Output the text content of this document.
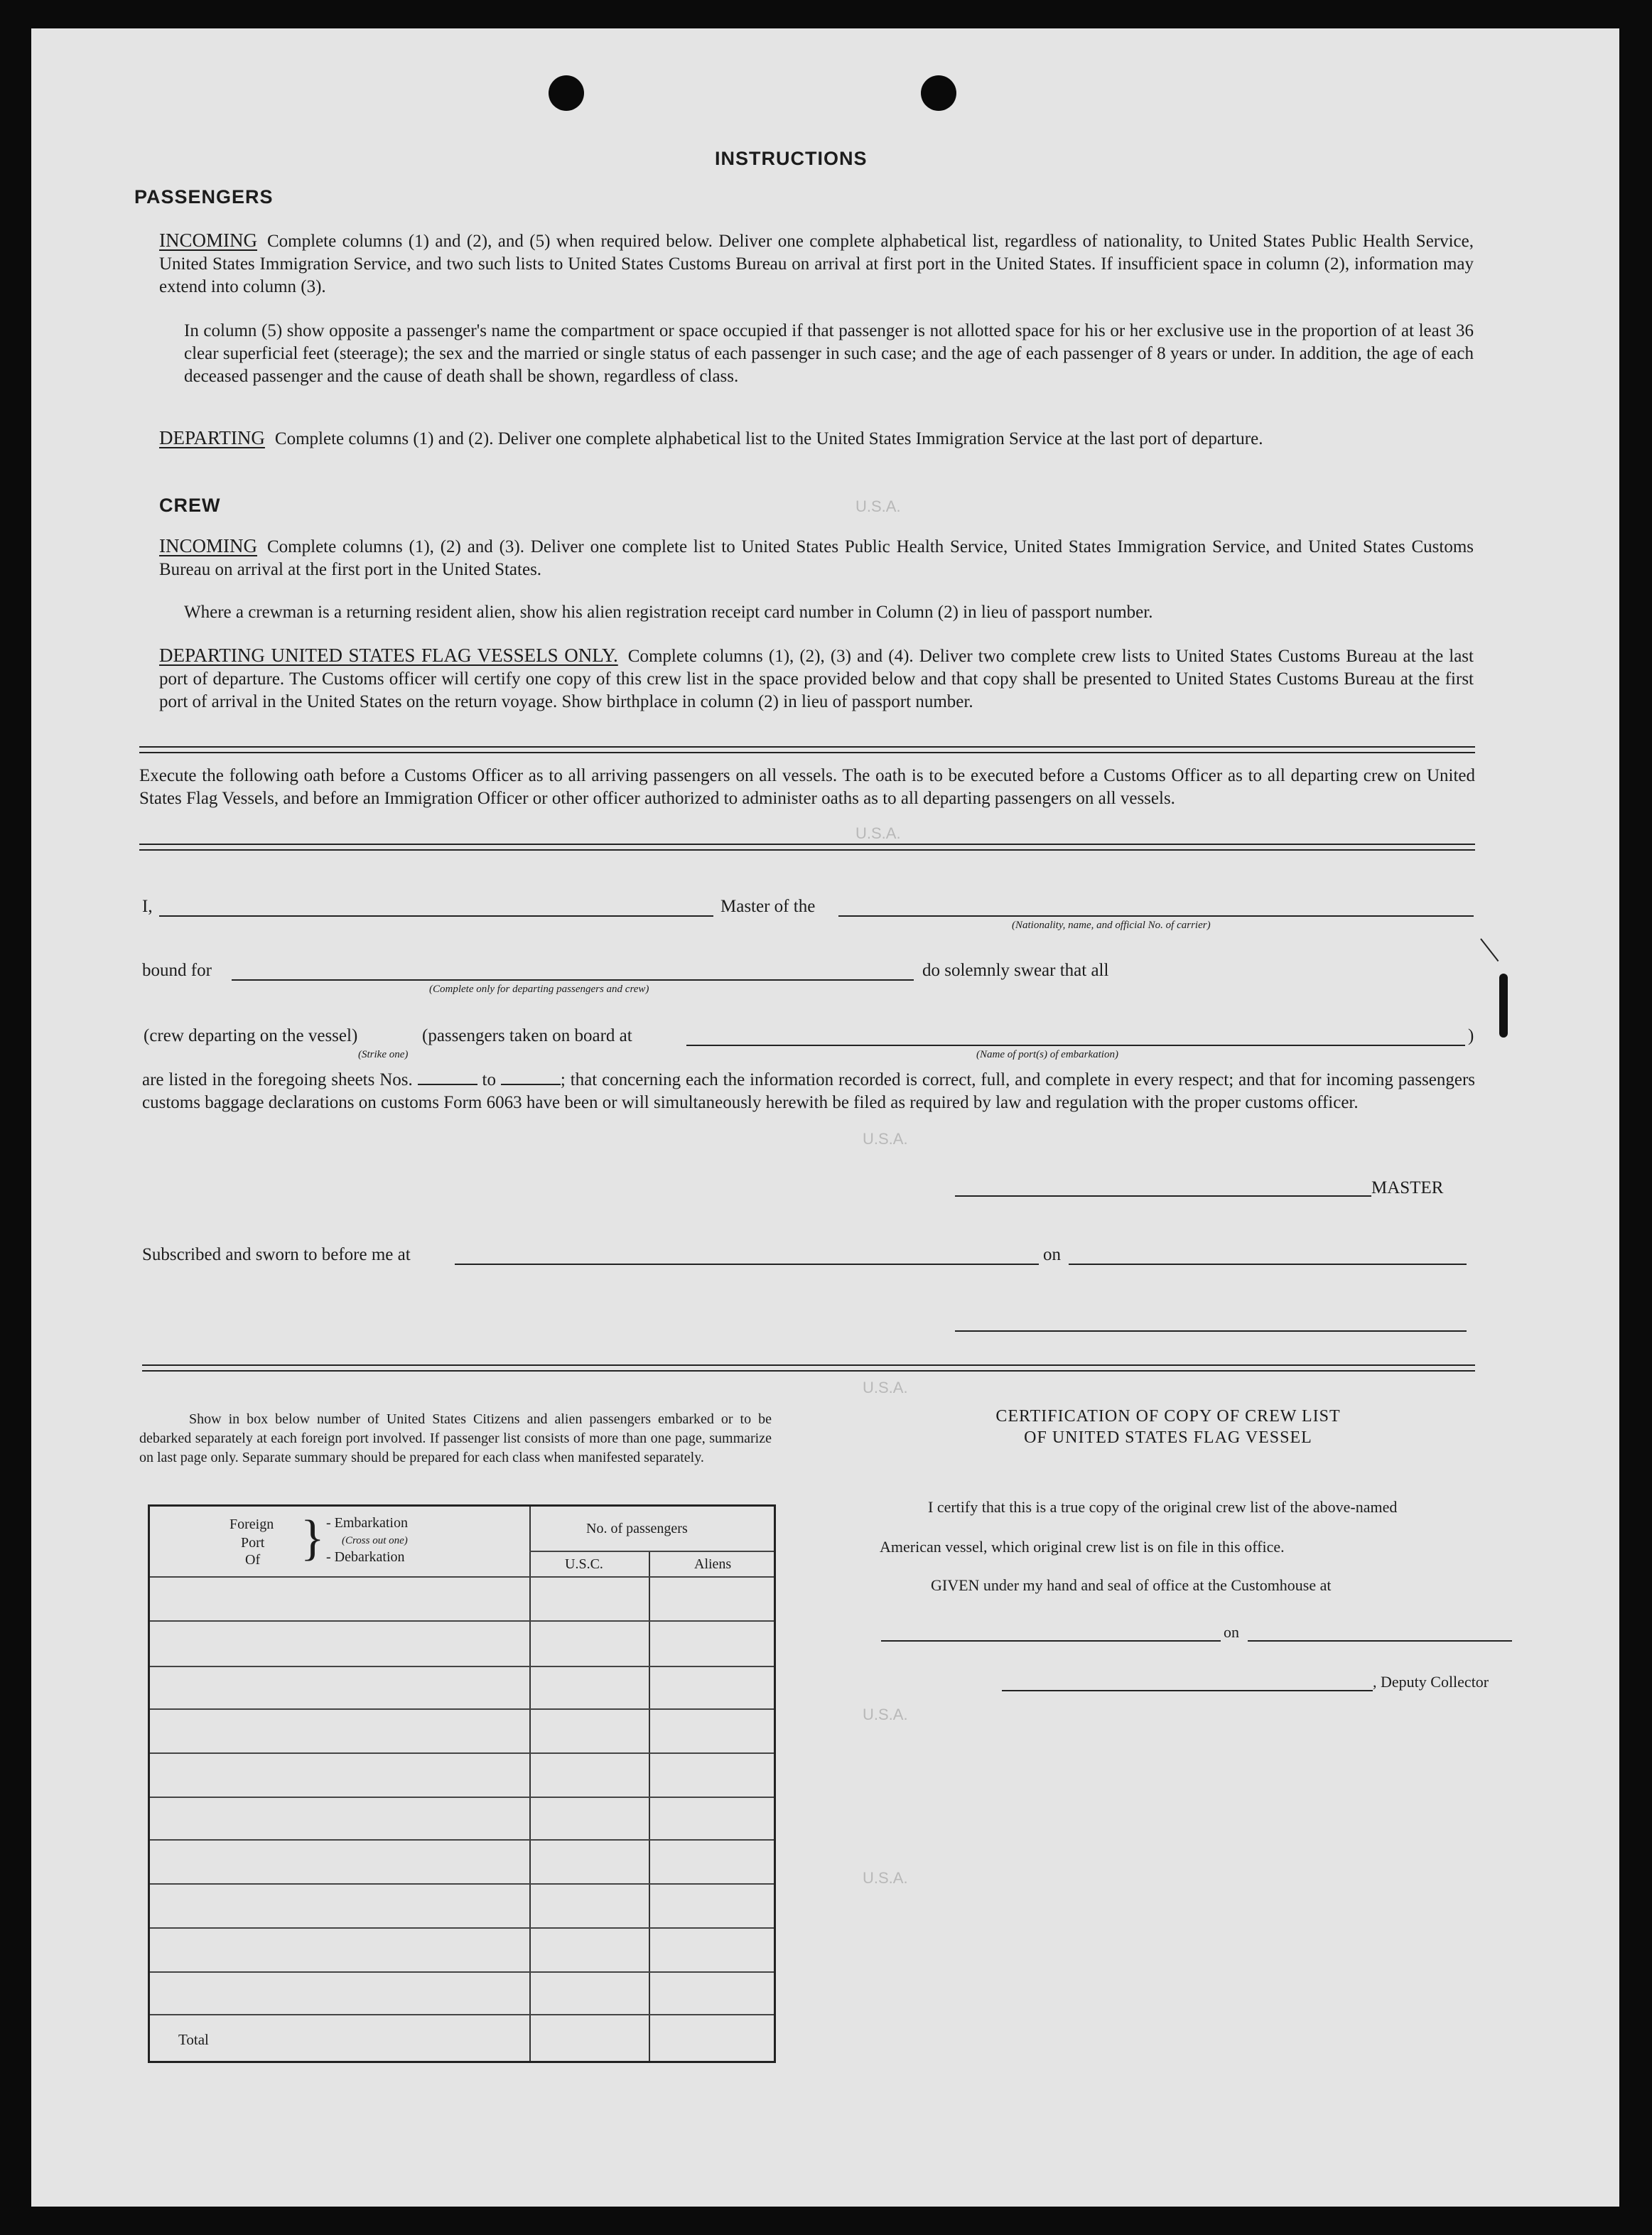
U.S.A.
U.S.A.
U.S.A.
U.S.A.
U.S.A.
U.S.A.
INSTRUCTIONS
PASSENGERS
INCOMING Complete columns (1) and (2), and (5) when required below. Deliver one complete alphabetical list, regardless of nationality, to United States Public Health Service, United States Immigration Service, and two such lists to United States Customs Bureau on arrival at first port in the United States. If insufficient space in column (2), information may extend into column (3).
In column (5) show opposite a passenger's name the compartment or space occupied if that passenger is not allotted space for his or her exclusive use in the proportion of at least 36 clear superficial feet (steerage); the sex and the married or single status of each passenger in such case; and the age of each passenger of 8 years or under. In addition, the age of each deceased passenger and the cause of death shall be shown, regardless of class.
DEPARTING Complete columns (1) and (2). Deliver one complete alphabetical list to the United States Immigration Service at the last port of departure.
CREW
INCOMING Complete columns (1), (2) and (3). Deliver one complete list to United States Public Health Service, United States Immigration Service, and United States Customs Bureau on arrival at the first port in the United States.
Where a crewman is a returning resident alien, show his alien registration receipt card number in Column (2) in lieu of passport number.
DEPARTING UNITED STATES FLAG VESSELS ONLY. Complete columns (1), (2), (3) and (4). Deliver two complete crew lists to United States Customs Bureau at the last port of departure. The Customs officer will certify one copy of this crew list in the space provided below and that copy shall be presented to United States Customs Bureau at the first port of arrival in the United States on the return voyage. Show birthplace in column (2) in lieu of passport number.
Execute the following oath before a Customs Officer as to all arriving passengers on all vessels. The oath is to be executed before a Customs Officer as to all departing crew on United States Flag Vessels, and before an Immigration Officer or other officer authorized to administer oaths as to all departing passengers on all vessels.
I,	Master of the
(Nationality, name, and official No. of carrier)
bound for
(Complete only for departing passengers and crew)
do solemnly swear that all
(crew departing on the vessel)	(passengers taken on board at	)
(Strike one)	(Name of port(s) of embarkation)
are listed in the foregoing sheets Nos.	to	; that concerning each the information recorded is correct, full, and complete in every respect; and that for incoming passengers customs baggage declarations on customs Form 6063 have been or will simultaneously herewith be filed as required by law and regulation with the proper customs officer.
MASTER
Subscribed and sworn to before me at	on
Show in box below number of United States Citizens and alien passengers embarked or to be debarked separately at each foreign port involved. If passenger list consists of more than one page, summarize on last page only. Separate summary should be prepared for each class when manifested separately.
Foreign
Port
Of } - Embarkation
(Cross out one)
- Debarkation
No. of passengers
U.S.C.	Aliens
Total
CERTIFICATION OF COPY OF CREW LIST
OF UNITED STATES FLAG VESSEL
I certify that this is a true copy of the original crew list of the above-named
American vessel, which original crew list is on file in this office.
GIVEN under my hand and seal of office at the Customhouse at
on
, Deputy Collector
